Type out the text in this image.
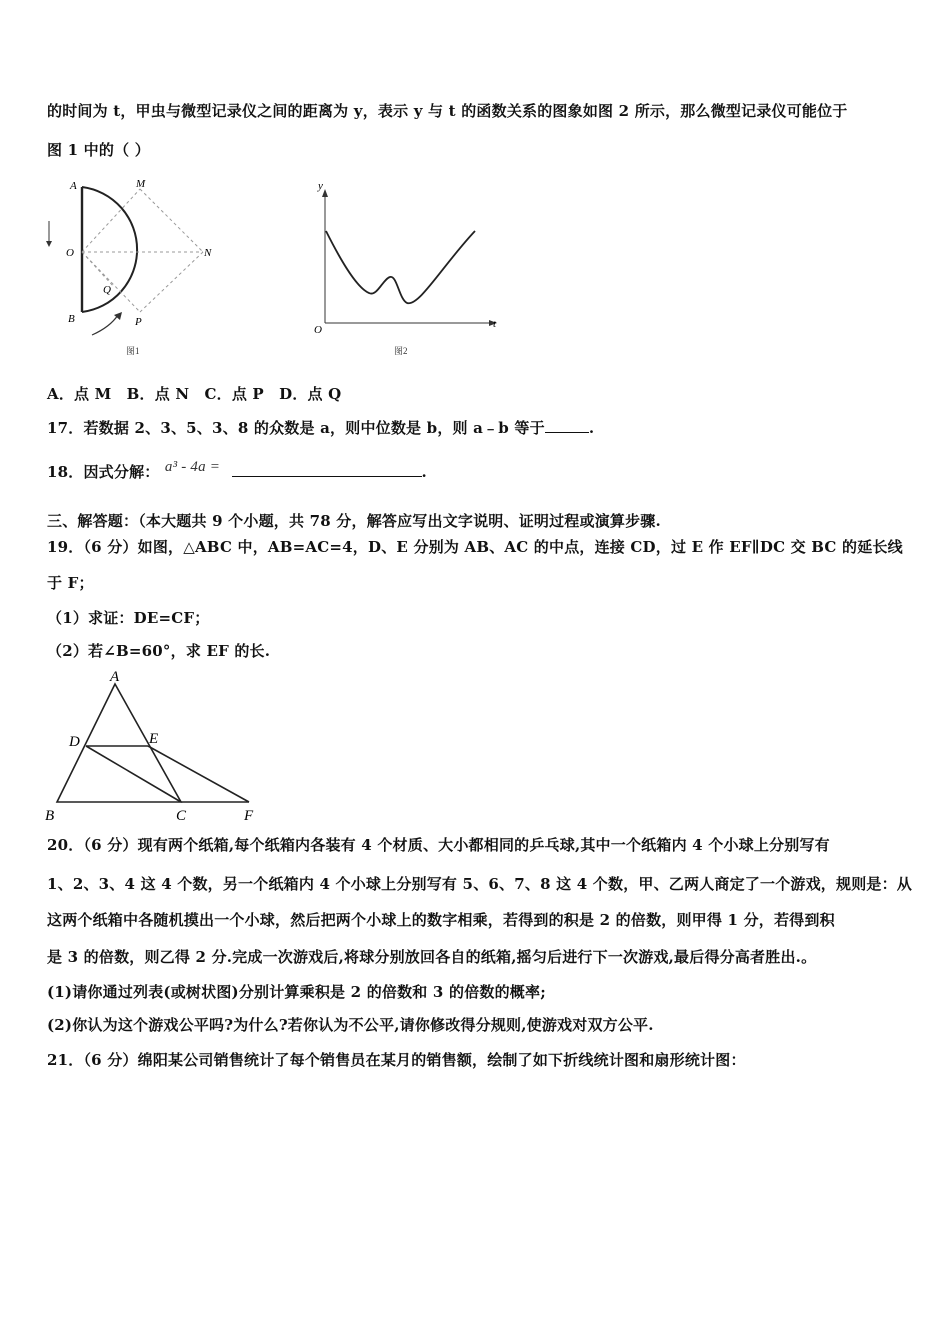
的时间为 t，甲虫与微型记录仪之间的距离为 y，表示 y 与 t 的函数关系的图象如图 2 所示，那么微型记录仪可能位于
图 1 中的（ ）
A	M
O	N
Q
B	P
图1
y
O	t
图2
A．点 M　B．点 N　C．点 P　D．点 Q
17．若数据 2、3、5、3、8 的众数是 a，则中位数是 b，则 a﹣b 等于	.
18．因式分解： a³ - 4a =	.
三、解答题：（本大题共 9 个小题，共 78 分，解答应写出文字说明、证明过程或演算步骤.
19．（6 分）如图，△ABC 中，AB=AC=4，D、E 分别为 AB、AC 的中点，连接 CD，过 E 作 EF∥DC 交 BC 的延长线
于 F；
（1）求证：DE=CF；
（2）若∠B=60°，求 EF 的长.
A
D	E
B	C	F
20．（6 分）现有两个纸箱,每个纸箱内各装有 4 个材质、大小都相同的乒乓球,其中一个纸箱内 4 个小球上分别写有
1、2、3、4 这 4 个数，另一个纸箱内 4 个小球上分别写有 5、6、7、8 这 4 个数，甲、乙两人商定了一个游戏，规则是：从
这两个纸箱中各随机摸出一个小球，然后把两个小球上的数字相乘，若得到的积是 2 的倍数，则甲得 1 分，若得到积
是 3 的倍数，则乙得 2 分.完成一次游戏后,将球分别放回各自的纸箱,摇匀后进行下一次游戏,最后得分高者胜出.。
(1)请你通过列表(或树状图)分别计算乘积是 2 的倍数和 3 的倍数的概率;
(2)你认为这个游戏公平吗?为什么?若你认为不公平,请你修改得分规则,使游戏对双方公平.
21．（6 分）绵阳某公司销售统计了每个销售员在某月的销售额，绘制了如下折线统计图和扇形统计图：
